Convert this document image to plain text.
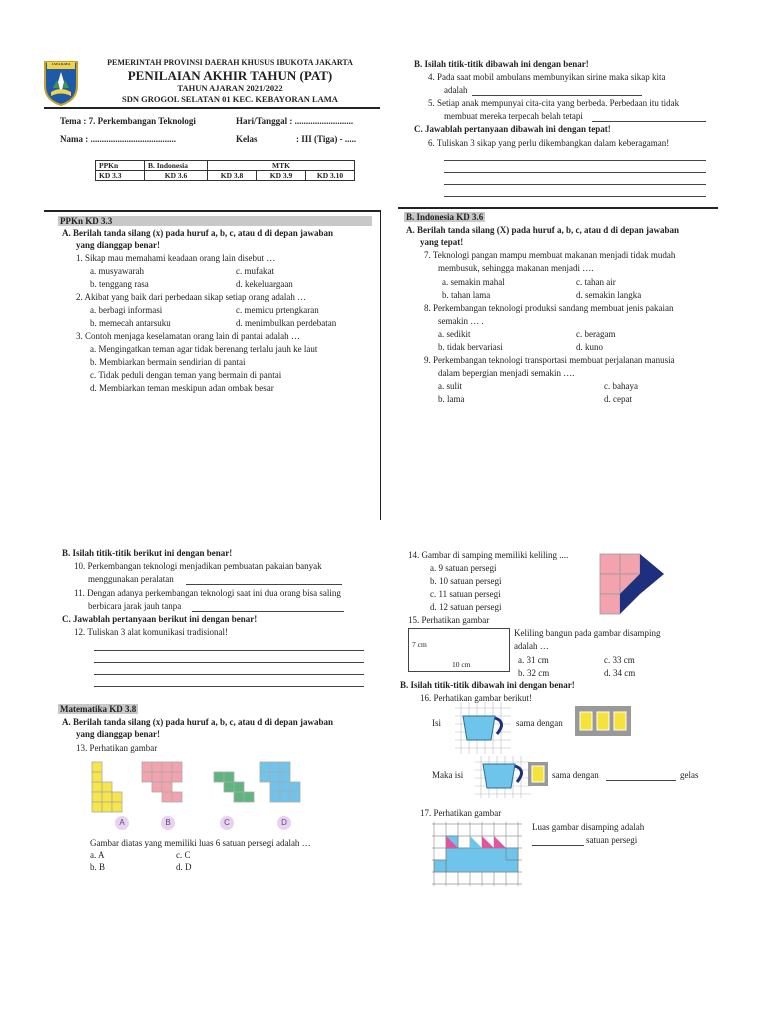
JAYA RAYA	PEMERINTAH PROVINSI DAERAH KHUSUS IBUKOTA JAKARTA
PENILAIAN AKHIR TAHUN (PAT)
TAHUN AJARAN 2021/2022
SDN GROGOL SELATAN 01 KEC. KEBAYORAN LAMA
Tema : 7. Perkembangan Teknologi	Hari/Tanggal : ..........................
Nama : ......................................	Kelas	: III (Tiga) - .....
PPKn	B. Indonesia	MTK		
KD 3.3	KD 3.6	KD 3.8	KD 3.9	KD 3.10
PPKn KD 3.3
A. Berilah tanda silang (x) pada huruf a, b, c, atau d di depan jawaban
yang dianggap benar!
1. Sikap mau memahami keadaan orang lain disebut …
a. musyawarah	c. mufakat
b. tenggang rasa	d. kekeluargaan
2. Akibat yang baik dari perbedaan sikap setiap orang adalah …
a. berbagi informasi	c. memicu prtengkaran
b. memecah antarsuku	d. menimbulkan perdebatan
3. Contoh menjaga keselamatan orang lain di pantai adalah …
a. Mengingatkan teman agar tidak berenang terlalu jauh ke laut
b. Membiarkan bermain sendirian di pantai
c. Tidak peduli dengan teman yang bermain di pantai
d. Membiarkan teman meskipun adan ombak besar
B. Isilah titik-titik dibawah ini dengan benar!
4. Pada saat mobil ambulans membunyikan sirine maka sikap kita
adalah
5. Setiap anak mempunyai cita-cita yang berbeda. Perbedaan itu tidak
membuat mereka terpecah belah tetapi
C. Jawablah pertanyaan dibawah ini dengan tepat!
6. Tuliskan 3 sikap yang perlu dikembangkan dalam keberagaman!
B. Indonesia KD 3.6
A. Berilah tanda silang (X) pada huruf a, b, c, atau d di depan jawaban
yang tepat!
7. Teknologi pangan mampu membuat makanan menjadi tidak mudah
membusuk, sehingga makanan menjadi ….
a. semakin mahal	c. tahan air
b. tahan lama	d. semakin langka
8. Perkembangan teknologi produksi sandang membuat jenis pakaian
semakin … .
a. sedikit	c. beragam
b. tidak bervariasi	d. kuno
9. Perkembangan teknologi transportasi membuat perjalanan manusia
dalam bepergian menjadi semakin ….
a. sulit	c. bahaya
b. lama	d. cepat
B. Isilah titik-titik berikut ini dengan benar!
10. Perkembangan teknologi menjadikan pembuatan pakaian banyak
menggunakan peralatan
11. Dengan adanya perkembangan teknologi saat ini dua orang bisa saling
berbicara jarak jauh tanpa
C. Jawablah pertanyaan berikut ini dengan benar!
12. Tuliskan 3 alat komunikasi tradisional!
Matematika KD 3.8
A. Berilah tanda silang (x) pada huruf a, b, c, atau d di depan jawaban
yang dianggap benar!
13. Perhatikan gambar
A	B	C	D
Gambar diatas yang memiliki luas 6 satuan persegi adalah …
a. A	c. C
b. B	d. D
14. Gambar di samping memiliki keliling ....
a. 9 satuan persegi
b. 10 satuan persegi
c. 11 satuan persegi
d. 12 satuan persegi
15. Perhatikan gambar
7 cm
10 cm
Keliling bangun pada gambar disamping
adalah …
a. 31 cm	c. 33 cm
b. 32 cm	d. 34 cm
B. Isilah titik-titik dibawah ini dengan benar!
16. Perhatikan gambar berikut!
Isi	sama dengan
Maka isi	sama dengan	gelas
17. Perhatikan gambar
Luas gambar disamping adalah
satuan persegi
